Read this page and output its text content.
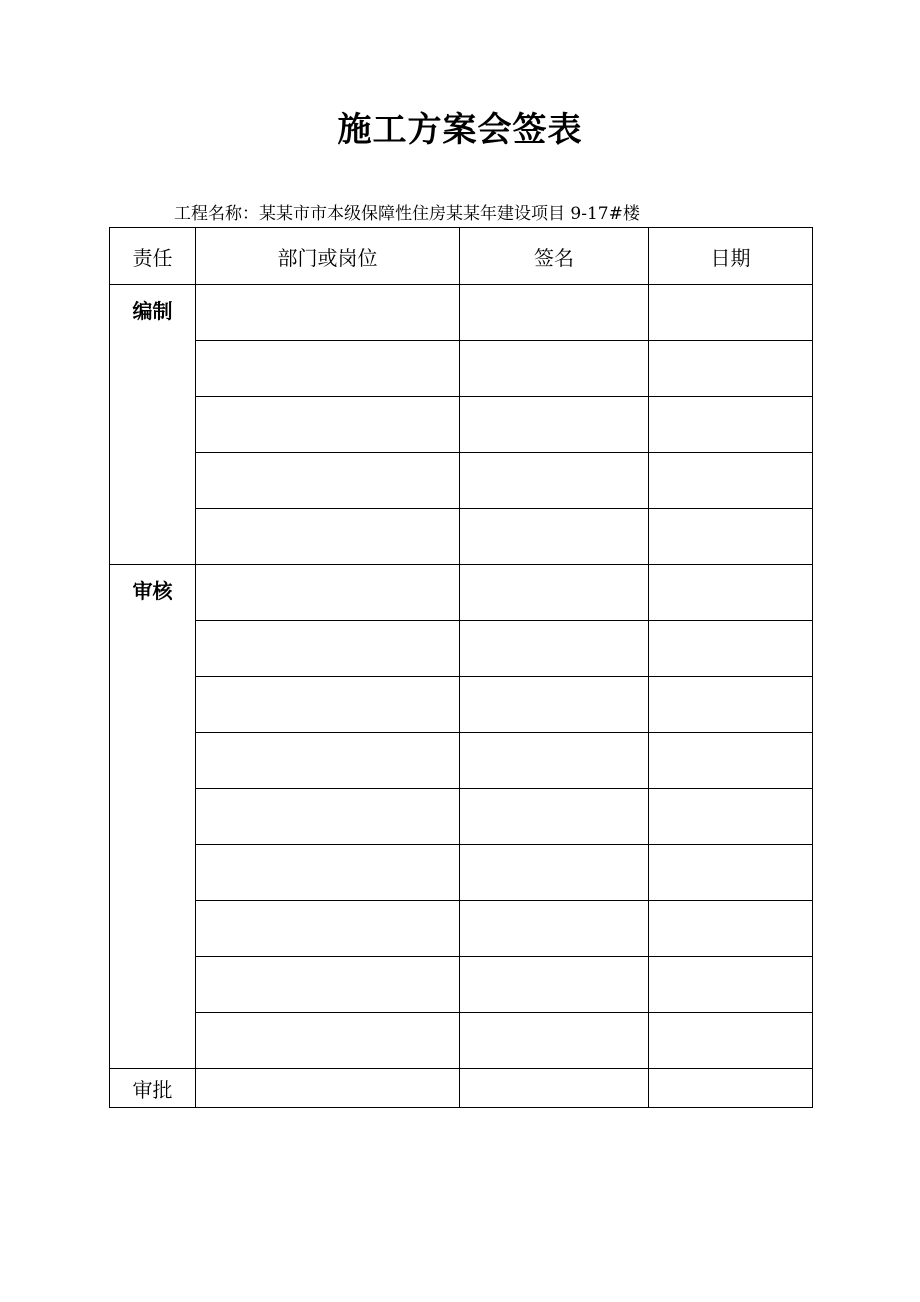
施工方案会签表
工程名称：某某市市本级保障性住房某某年建设项目 9-17#楼
责任	部门或岗位	签名	日期
编制			

审核			

审批			
